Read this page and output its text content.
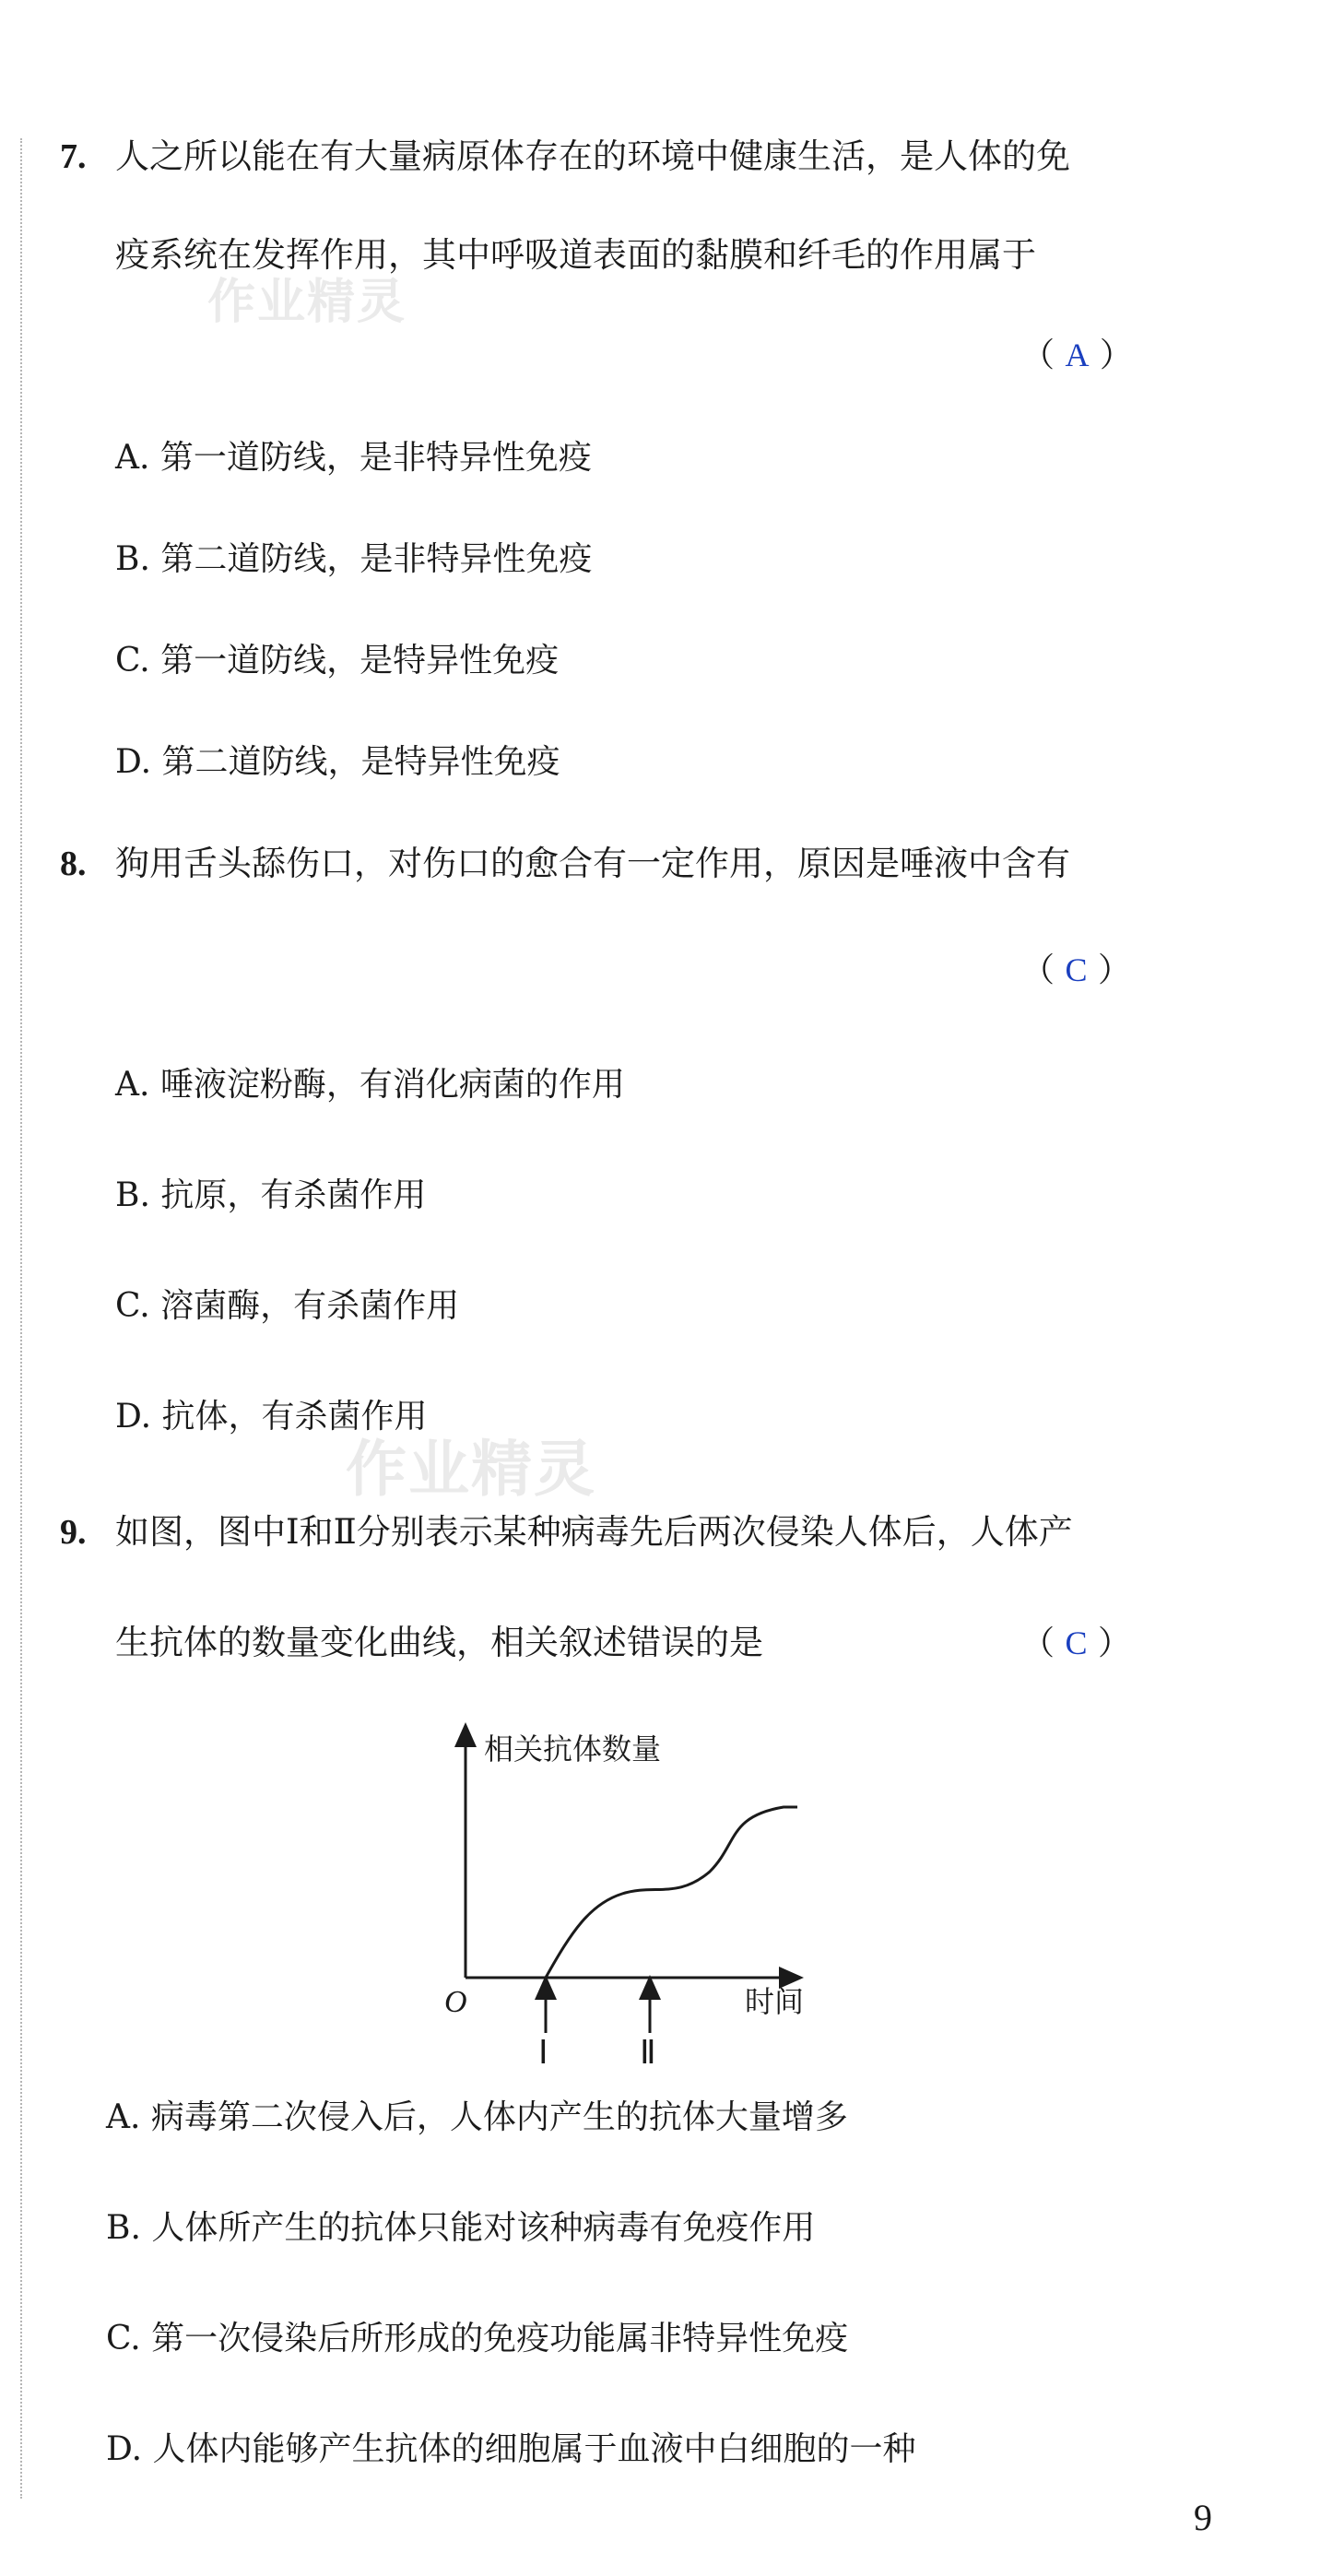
作业精灵
作业精灵
7. 人之所以能在有大量病原体存在的环境中健康生活，是人体的免
疫系统在发挥作用，其中呼吸道表面的黏膜和纤毛的作用属于
（ A ）
A. 第一道防线，是非特异性免疫
B. 第二道防线，是非特异性免疫
C. 第一道防线，是特异性免疫
D. 第二道防线，是特异性免疫
8. 狗用舌头舔伤口，对伤口的愈合有一定作用，原因是唾液中含有
（ C ）
A. 唾液淀粉酶，有消化病菌的作用
B. 抗原，有杀菌作用
C. 溶菌酶，有杀菌作用
D. 抗体，有杀菌作用
9. 如图，图中Ⅰ和Ⅱ分别表示某种病毒先后两次侵染人体后，人体产
生抗体的数量变化曲线，相关叙述错误的是	（ C ）
相关抗体数量
时间
O
Ⅰ	Ⅱ
A. 病毒第二次侵入后，人体内产生的抗体大量增多
B. 人体所产生的抗体只能对该种病毒有免疫作用
C. 第一次侵染后所形成的免疫功能属非特异性免疫
D. 人体内能够产生抗体的细胞属于血液中白细胞的一种
9
